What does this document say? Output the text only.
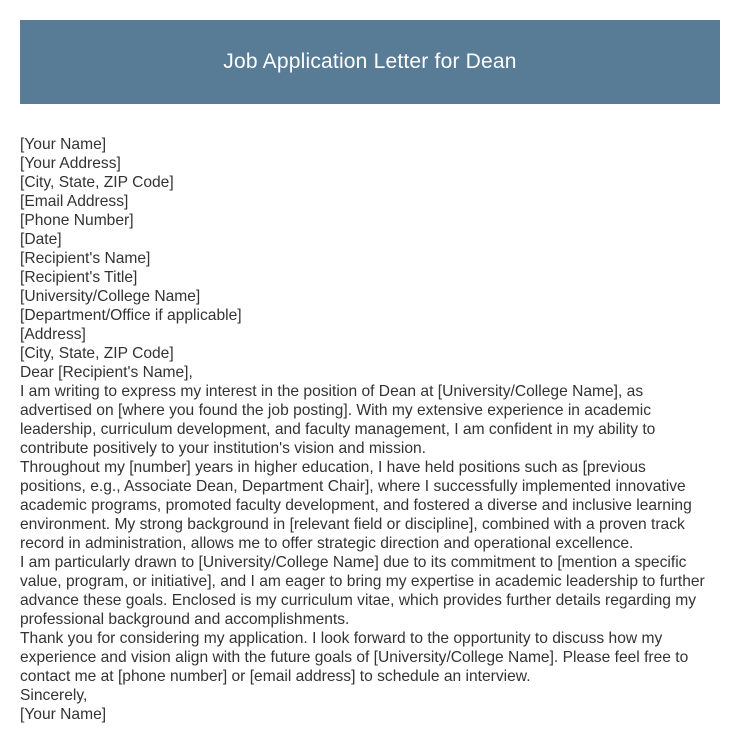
Job Application Letter for Dean
[Your Name]
[Your Address]
[City, State, ZIP Code]
[Email Address]
[Phone Number]
[Date]
[Recipient's Name]
[Recipient's Title]
[University/College Name]
[Department/Office if applicable]
[Address]
[City, State, ZIP Code]
Dear [Recipient's Name],
I am writing to express my interest in the position of Dean at [University/College Name], as
advertised on [where you found the job posting]. With my extensive experience in academic
leadership, curriculum development, and faculty management, I am confident in my ability to
contribute positively to your institution's vision and mission.
Throughout my [number] years in higher education, I have held positions such as [previous
positions, e.g., Associate Dean, Department Chair], where I successfully implemented innovative
academic programs, promoted faculty development, and fostered a diverse and inclusive learning
environment. My strong background in [relevant field or discipline], combined with a proven track
record in administration, allows me to offer strategic direction and operational excellence.
I am particularly drawn to [University/College Name] due to its commitment to [mention a specific
value, program, or initiative], and I am eager to bring my expertise in academic leadership to further
advance these goals. Enclosed is my curriculum vitae, which provides further details regarding my
professional background and accomplishments.
Thank you for considering my application. I look forward to the opportunity to discuss how my
experience and vision align with the future goals of [University/College Name]. Please feel free to
contact me at [phone number] or [email address] to schedule an interview.
Sincerely,
[Your Name]
